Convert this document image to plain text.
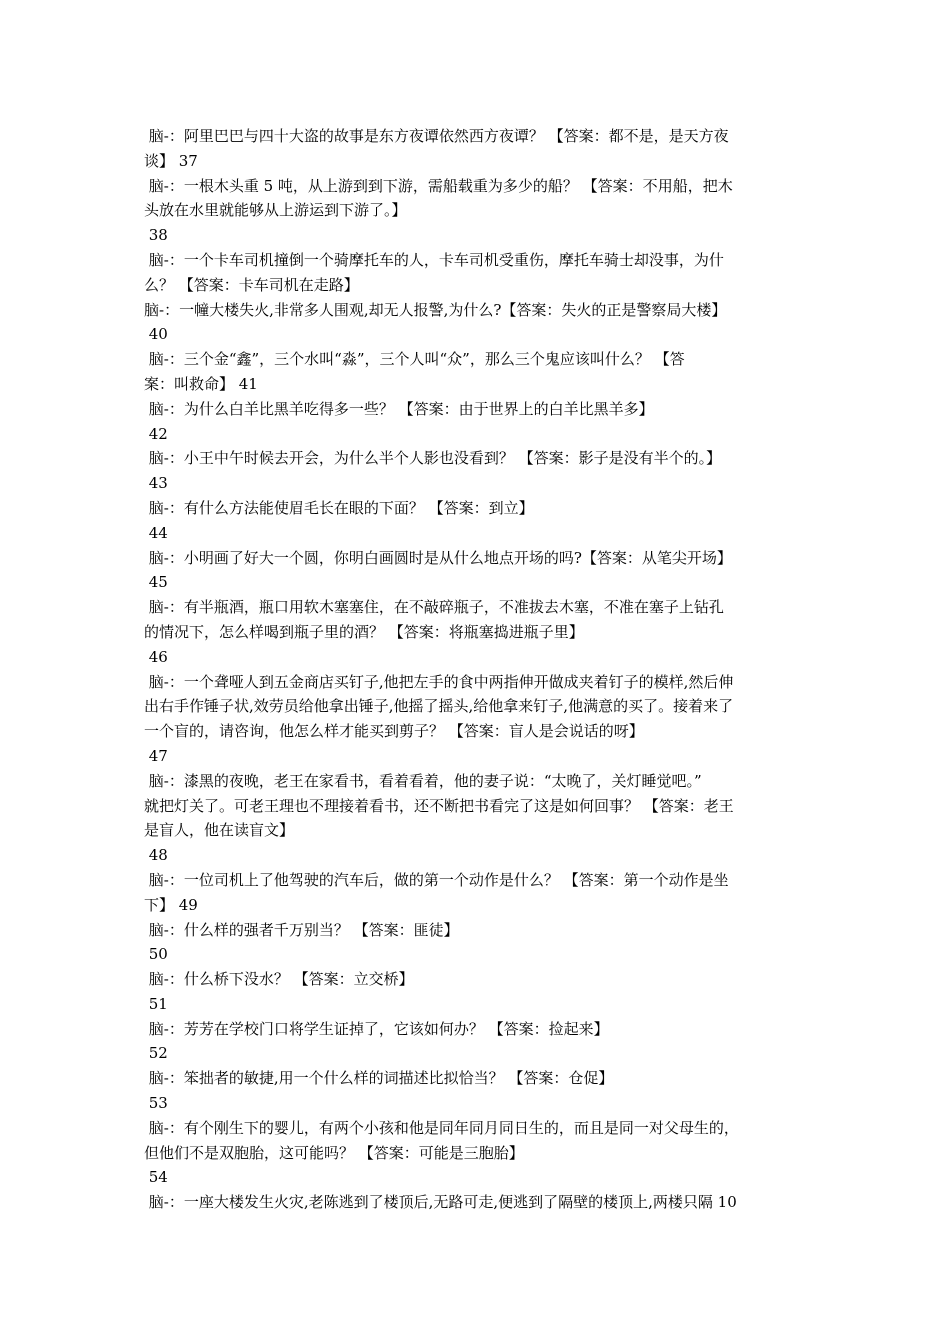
脑-：阿里巴巴与四十大盗的故事是东方夜谭依然西方夜谭？ 【答案：都不是，是天方夜
谈】 37
脑-：一根木头重 5 吨，从上游到到下游，需船载重为多少的船？ 【答案：不用船，把木
头放在水里就能够从上游运到下游了。】
38
脑-：一个卡车司机撞倒一个骑摩托车的人，卡车司机受重伤，摩托车骑士却没事，为什
么？ 【答案：卡车司机在走路】
脑-：一幢大楼失火,非常多人围观,却无人报警,为什么?【答案：失火的正是警察局大楼】
40
脑-：三个金“鑫”，三个水叫“淼”，三个人叫“众”，那么三个鬼应该叫什么？ 【答
案：叫救命】 41
脑-：为什么白羊比黑羊吃得多一些？ 【答案：由于世界上的白羊比黑羊多】
42
脑-：小王中午时候去开会，为什么半个人影也没看到？ 【答案：影子是没有半个的。】
43
脑-：有什么方法能使眉毛长在眼的下面？ 【答案：到立】
44
脑-：小明画了好大一个圆，你明白画圆时是从什么地点开场的吗?【答案：从笔尖开场】
45
脑-：有半瓶酒，瓶口用软木塞塞住，在不敲碎瓶子，不准拔去木塞，不准在塞子上钻孔
的情况下，怎么样喝到瓶子里的酒？ 【答案：将瓶塞捣进瓶子里】
46
脑-：一个聋哑人到五金商店买钉子,他把左手的食中两指伸开做成夹着钉子的模样,然后伸
出右手作锤子状,效劳员给他拿出锤子,他摇了摇头,给他拿来钉子,他满意的买了。接着来了
一个盲的，请咨询，他怎么样才能买到剪子？ 【答案：盲人是会说话的呀】
47
脑-：漆黑的夜晚，老王在家看书，看着看着，他的妻子说：“太晚了，关灯睡觉吧。”
就把灯关了。可老王理也不理接着看书，还不断把书看完了这是如何回事？ 【答案：老王
是盲人，他在读盲文】
48
脑-：一位司机上了他驾驶的汽车后，做的第一个动作是什么？ 【答案：第一个动作是坐
下】 49
脑-：什么样的强者千万别当？ 【答案：匪徒】
50
脑-：什么桥下没水？ 【答案：立交桥】
51
脑-：芳芳在学校门口将学生证掉了，它该如何办？ 【答案：捡起来】
52
脑-：笨拙者的敏捷,用一个什么样的词描述比拟恰当？ 【答案：仓促】
53
脑-：有个刚生下的婴儿，有两个小孩和他是同年同月同日生的，而且是同一对父母生的，
但他们不是双胞胎，这可能吗？ 【答案：可能是三胞胎】
54
脑-：一座大楼发生火灾,老陈逃到了楼顶后,无路可走,便逃到了隔壁的楼顶上,两楼只隔 10
